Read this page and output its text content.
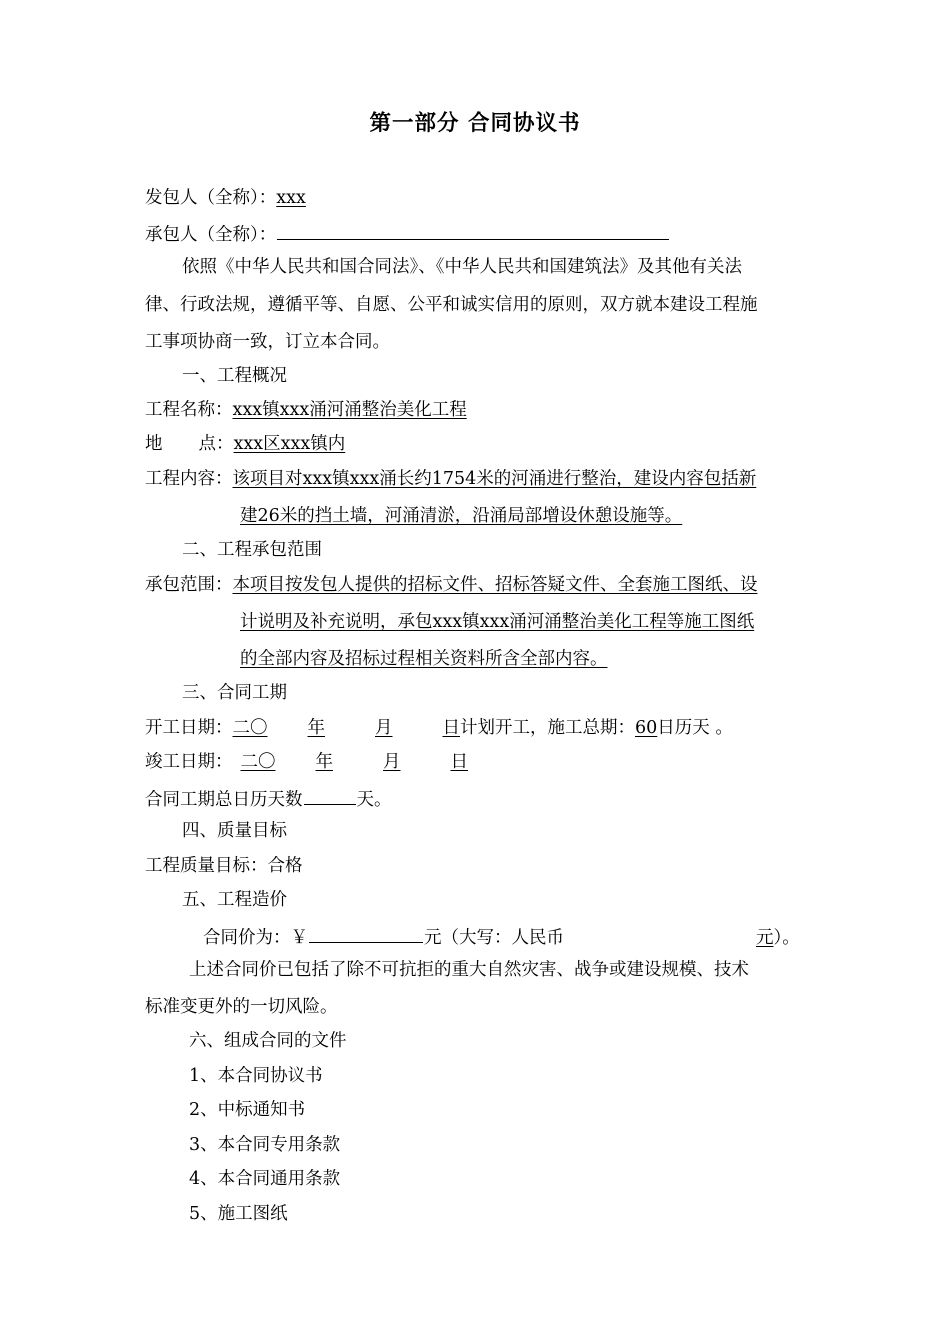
第一部分 合同协议书
发包人（全称）：xxx
承包人（全称）：
依照《中华人民共和国合同法》、《中华人民共和国建筑法》及其他有关法
律、行政法规，遵循平等、自愿、公平和诚实信用的原则，双方就本建设工程施
工事项协商一致，订立本合同。
一、工程概况
工程名称：xxx镇xxx涌河涌整治美化工程
地 点：xxx区xxx镇内
工程内容：该项目对xxx镇xxx涌长约1754米的河涌进行整治，建设内容包括新
建26米的挡土墙，河涌清淤，沿涌局部增设休憩设施等。
二、工程承包范围
承包范围：本项目按发包人提供的招标文件、招标答疑文件、全套施工图纸、设
计说明及补充说明，承包xxx镇xxx涌河涌整治美化工程等施工图纸
的全部内容及招标过程相关资料所含全部内容。
三、合同工期
开工日期：二〇 年	月	日计划开工，施工总期：60日历天 。
竣工日期： 二〇 年	月	日
合同工期总日历天数	天。
四、质量目标
工程质量目标：合格
五、工程造价
合同价为：￥	元（大写：人民币	元）。
上述合同价已包括了除不可抗拒的重大自然灾害、战争或建设规模、技术
标准变更外的一切风险。
六、组成合同的文件
1、本合同协议书
2、中标通知书
3、本合同专用条款
4、本合同通用条款
5、施工图纸
